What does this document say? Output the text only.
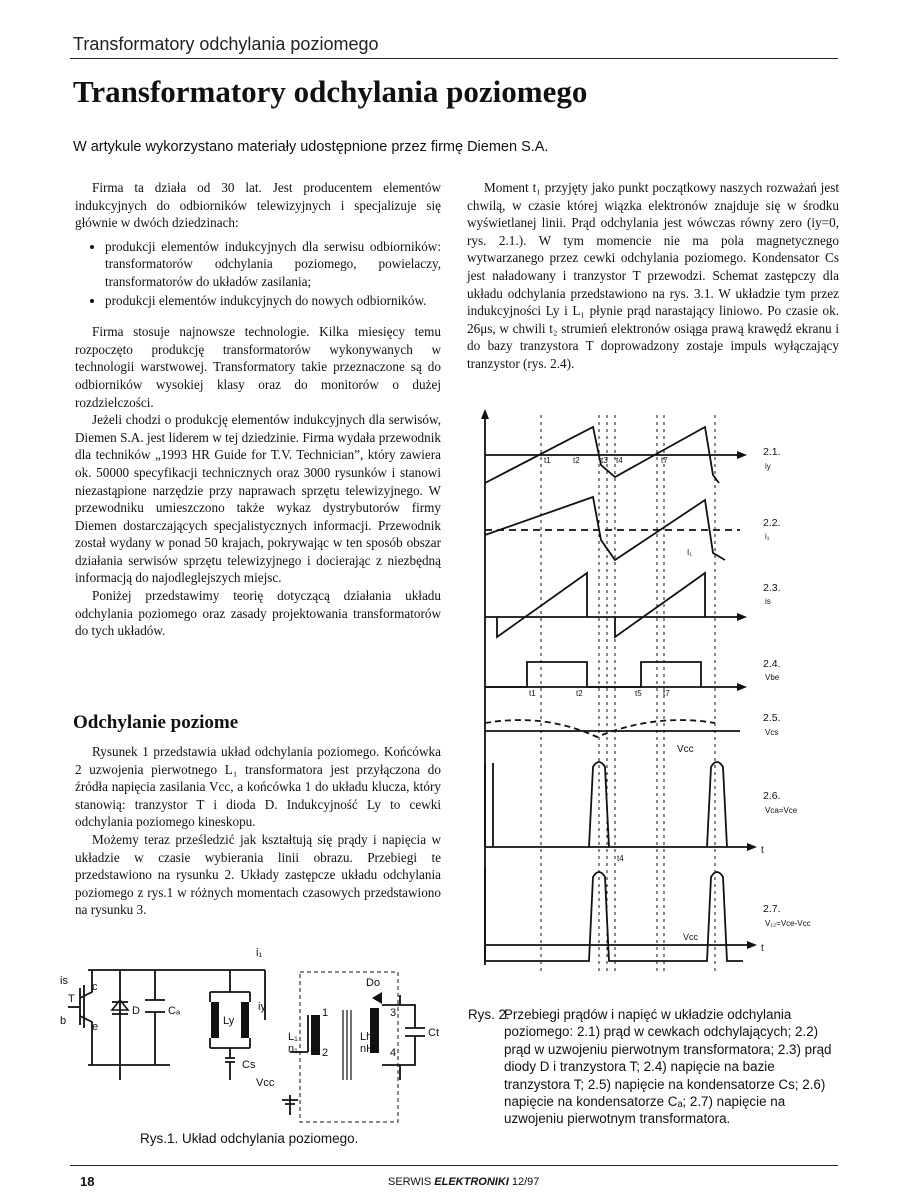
Transformatory odchylania poziomego
Transformatory odchylania poziomego
W artykule wykorzystano materiały udostępnione przez firmę Diemen S.A.

Firma ta działa od 30 lat. Jest producentem elementów indukcyjnych do odbiorników telewizyjnych i specjalizuje się głównie w dwóch dziedzinach:

• produkcji elementów indukcyjnych dla serwisu odbiorników: transformatorów odchylania poziomego, powielaczy, transformatorów do układów zasilania;
• produkcji elementów indukcyjnych do nowych odbiorników.

Firma stosuje najnowsze technologie. Kilka miesięcy temu rozpoczęto produkcję transformatorów wykonywanych w technologii warstwowej. Transformatory takie przeznaczone są do odbiorników wysokiej klasy oraz do monitorów o dużej rozdzielczości.

Jeżeli chodzi o produkcję elementów indukcyjnych dla serwisów, Diemen S.A. jest liderem w tej dziedzinie. Firma wydała przewodnik dla techników „1993 HR Guide for T.V. Technician”, który zawiera ok. 50000 specyfikacji technicznych oraz 3000 rysunków i stanowi niezastąpione narzędzie przy naprawach sprzętu telewizyjnego. W przewodniku umieszczono także wykaz dystrybutorów firmy Diemen dostarczających specjalistycznych informacji. Przewodnik został wydany w ponad 50 krajach, pokrywając w ten sposób obszar działania serwisów sprzętu telewizyjnego i docierając z niezbędną informacją do najodleglejszych miejsc.

Poniżej przedstawimy teorię dotyczącą działania układu odchylania poziomego oraz zasady projektowania transformatorów do tych układów.

Odchylanie poziome

Rysunek 1 przedstawia układ odchylania poziomego. Końcówka 2 uzwojenia pierwotnego L₁ transformatora jest przyłączona do źródła napięcia zasilania Vcc, a końcówka 1 do układu klucza, który stanowią: tranzystor T i dioda D. Indukcyjność Ly to cewki odchylania poziomego kineskopu.

Możemy teraz prześledzić jak kształtują się prądy i napięcia w układzie w czasie wybierania linii obrazu. Przebiegi te przedstawiono na rysunku 2. Układy zastępcze układu odchylania poziomego z rys.1 w różnych momentach czasowych przedstawiono na rysunku 3.

Moment t₁ przyjęty jako punkt początkowy naszych rozważań jest chwilą, w czasie której wiązka elektronów znajduje się w środku wyświetlanej linii. Prąd odchylania jest wówczas równy zero (iy=0, rys. 2.1.). W tym momencie nie ma pola magnetycznego wytwarzanego przez cewki odchylania poziomego. Kondensator Cs jest naładowany i tranzystor T przewodzi. Schemat zastępczy dla układu odchylania przedstawiono na rys. 3.1. W układzie tym przez indukcyjności Ly i L₁ płynie prąd narastający liniowo. Po czasie ok. 26μs, w chwili t₂ strumień elektronów osiąga prawą krawędź ekranu i do bazy tranzystora T doprowadzony zostaje impuls wyłączający tranzystor (rys. 2.4).

i₁
is
T
c
b e
D	Cₐ
Ly
iy
Cs
Vcc
L₁
n₁
1
2
3
4
Do
Lh
nH
Ct
Rys.1. Układ odchylania poziomego.
2.1.
iy
2.2.
i₁
2.3.
is
2.4.
Vbe
2.5.
Vcs
2.6.
Vca=Vce
2.7.
V₁₂=Vce-Vcc
t1	t2	t3 t4	t7
t1	t2	t5	t7
t4
I₁
Vcc
Vcc
t
t
Rys. 2.
Przebiegi prądów i napięć w układzie odchylania poziomego: 2.1) prąd w cewkach odchylających; 2.2) prąd w uzwojeniu pierwotnym transformatora; 2.3) prąd diody D i tranzystora T; 2.4) napięcie na bazie tranzystora T; 2.5) napięcie na kondensatorze Cs; 2.6) napięcie na kondensatorze Cₐ; 2.7) napięcie na uzwojeniu pierwotnym transformatora.
18	SERWIS ELEKTRONIKI 12/97
